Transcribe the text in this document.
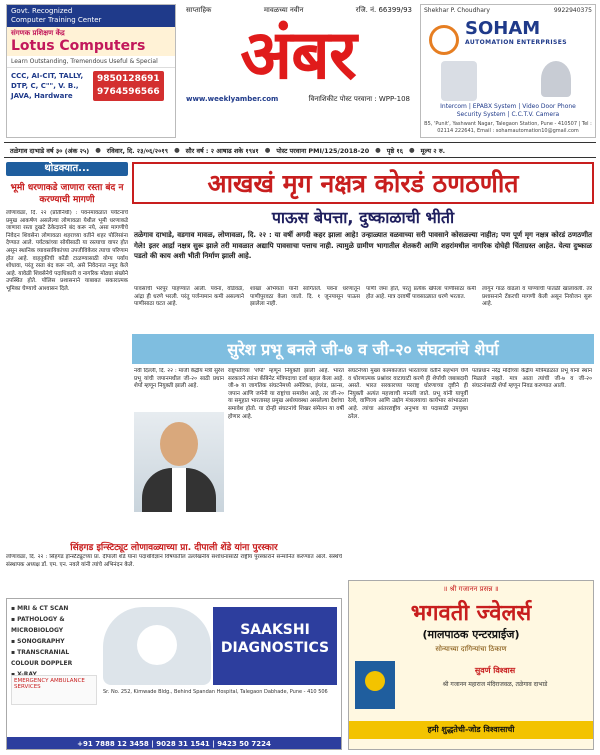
Govt. Recognized
Computer Training Center
संगणक प्रशिक्षण केंद्र
Lotus Computers
Learn Outstanding, Tremendous Useful & Special
CCC, AI-CIT, TALLY,
DTP, C, C"", V. B.,
JAVA, Hardware
9850128691
9764596566
साप्ताहिक	मावळच्या नवीन	रजि. नं. 66399/93
अंबर
www.weeklyamber.com	विनाशिकीट पोस्ट परवाना : WPP-108
Shekhar P. Choudhary	9922940375
SOHAM
AUTOMATION ENTERPRISES
Intercom | EPABX System | Video Door Phone
Security System | C.C.T.V. Camera
B5, 'Punit', Yashwant Nagar, Talegaon Station, Pune - 410507 | Tel : 02114 222641, Email : sohamautomation10@gmail.com
तळेगाव दाभाडे वर्ष ३० (अंक २५) ● रविवार, दि. २३/०६/२०१९ ● सौर वर्ष : २ आषाढ शके १९४१ ● पोस्ट परवाना PMI/125/2018-20 ● पृष्ठे १६ ● मूल्य २ रु.
थोडक्यात...
भूमी धरणाकडे जाणारा रस्ता बंद न करण्याची मागणी
लोणावळा, दि. २२ (प्रतिनिधी) : पवनमावळात पर्यटनाचे प्रमुख आकर्षण असलेल्या लोणावळा येथील भूमी धरणाकडे जाणारा रस्ता दुखटे ठेकेदाराने बंद करू नये, असा मागणीचे निवेदन शिवसेना लोणावळा शहराच्या वतीने शहर पोलिसांना देण्यात आले. पर्यटकांच्या सोयीसाठी या रस्त्याचा वापर होत असून स्थानिक व्यावसायिकांच्या उपजीविकेवर त्याचा परिणाम होत आहे. वाहतुकीची कोंडी टाळण्यासाठी योग्य पर्याय शोधावा, परंतु रस्ता बंद करू नये, असे निवेदनात नमूद केले आहे. यावेळी शिवसेनेचे पदाधिकारी व नागरिक मोठ्या संख्येने उपस्थित होते. पोलिस प्रशासनाने याबाबत सकारात्मक भूमिका घेण्याचे आश्वासन दिले.
आखखं मृग नक्षत्र कोरडं ठणठणीत
पाऊस बेपत्ता, दुष्काळाची भीती
तळेगाव दाभाडे, वडगाव मावळ, लोणावळा, दि. २२ : या वर्षी अगदी कहर झाला आहे! उन्हाळ्यात वळवाच्या सरी पावसाने कोसळल्या नाहीत; पण पूर्ण मृग नक्षत्र कोरडं ठणठणीत गेले! इतर आर्द्रा नक्षत्र सुरू झाले तरी मावळात अद्यापि पावसाचा पत्ताच नाही. त्यामुळे ग्रामीण भागातील शेतकरी आणि शहरांमधील नागरिक दोघेही चिंताग्रस्त आहेत. येत्या दुष्काळ पडतो की काय अशी भीती निर्माण झाली आहे.
पावसाची भरपूर पाहण्यात आली. पवना, वडिवळे, आंद्रा ही धरणे भरली. परंतु पर्जन्यमान कमी असल्याने पाणीसाठा घटत आहे.
शाखा अभियंता यांनी सांगितले. पवना धरणातून पाणीपुरवठा केला जातो. दि. १ जूनपासून पाऊस झालेला नाही.
पाणी जमा होते, परंतु प्रत्येक खेपेला पाणीसाठा कमी होत आहे. मात्र दरवर्षी पावसाळ्यात धरणे भरतात.
लागून गाळ वाढला व पाण्याची पातळी खालावली. तर प्रशासनाने टँकरची मागणी केली असून नियोजन सुरू आहे.
सुरेश प्रभू बनले जी-७ व जी-२० संघटनांचे शेर्पा
नवी दिल्ली, दि. २२ : माजी केंद्रीय मंत्री सुरेश प्रभू यांची जपानमधील जी-२० साठी प्रधान शेर्पा म्हणून नियुक्ती झाली आहे.
राष्ट्रपतींच्या 'शेर्पा' म्हणून नियुक्ती झाली आहे. भारत सरकारने त्यांना कॅबिनेट मंत्रिपदाचा दर्जा बहाल केला आहे. जी-७ या जागतिक संघटनेमध्ये अमेरिका, इंग्लंड, फ्रान्स, जपान आणि जर्मनी या राष्ट्रांचा समावेश आहे, तर जी-२० या समूहात भारतासह प्रमुख अर्थव्यवस्था असलेल्या देशांचा समावेश होतो. या दोन्ही संघटनांचे शिखर संमेलन या वर्षी होणार आहे.
संघटनेच्या मुख्य कामकाजात भारताच्या वतीने सहभाग घेणे व धोरणात्मक प्रश्नांवर वाटाघाटी करणे ही शेर्पाची जबाबदारी असते. भारत सरकारच्या परराष्ट्र धोरणाच्या दृष्टीने ही नियुक्ती अत्यंत महत्त्वाची मानली जाते. प्रभू यांनी यापूर्वी रेल्वे, वाणिज्य आणि उद्योग मंत्रालयाचा कार्यभार सांभाळला आहे. त्यांचा आंतरराष्ट्रीय अनुभव या पदासाठी उपयुक्त ठरेल.
पंतप्रधान नरेंद्र मोदींच्या केंद्रीय मंत्रिमंडळात प्रभू यांना स्थान मिळाले नव्हते. मात्र आता त्यांची जी-७ व जी-२० संघटनांसाठी शेर्पा म्हणून निवड करण्यात आली.
सिंहगड इन्स्टिट्यूट लोणावळ्याच्या प्रा. दीपाली शेंडे यांना पुरस्कार
लोणावळा, दि. २२ : सिंहगड इन्स्टिट्यूटच्या प्रा. दीपाली शेंडे यांना पदार्थविज्ञान विषयातील उल्लेखनीय संशोधनासाठी राष्ट्रीय पुरस्काराने सन्मानित करण्यात आले. संस्थेचे संस्थापक अध्यक्ष डॉ. एम. एन. नवले यांनी त्यांचे अभिनंदन केले.
▪ MRI & CT SCAN
▪ PATHOLOGY & MICROBIOLOGY
▪ SONOGRAPHY
▪ TRANSCRANIAL COLOUR DOPPLER
EMERGENCY AMBULANCE SERVICES
SAAKSHI
DIAGNOSTICS
Sr. No. 252, Kimwade Bldg., Behind Spandan Hospital, Talegaon Dabhade, Pune - 410 506
+91 7888 12 3458 | 9028 31 1541 | 9423 50 7224
॥ श्री गजानन प्रसन्न ॥
भगवती ज्वेलर्स
(मालपाठक एन्टरप्राईज)
सोन्याच्या दागिन्यांचा ठिकाण
सुवर्ण विश्वास
श्री गजानन महाराज मंदिराजवळ, तळेगाव दाभाडे
हमी शुद्धतेची-जोड विश्वासाची
